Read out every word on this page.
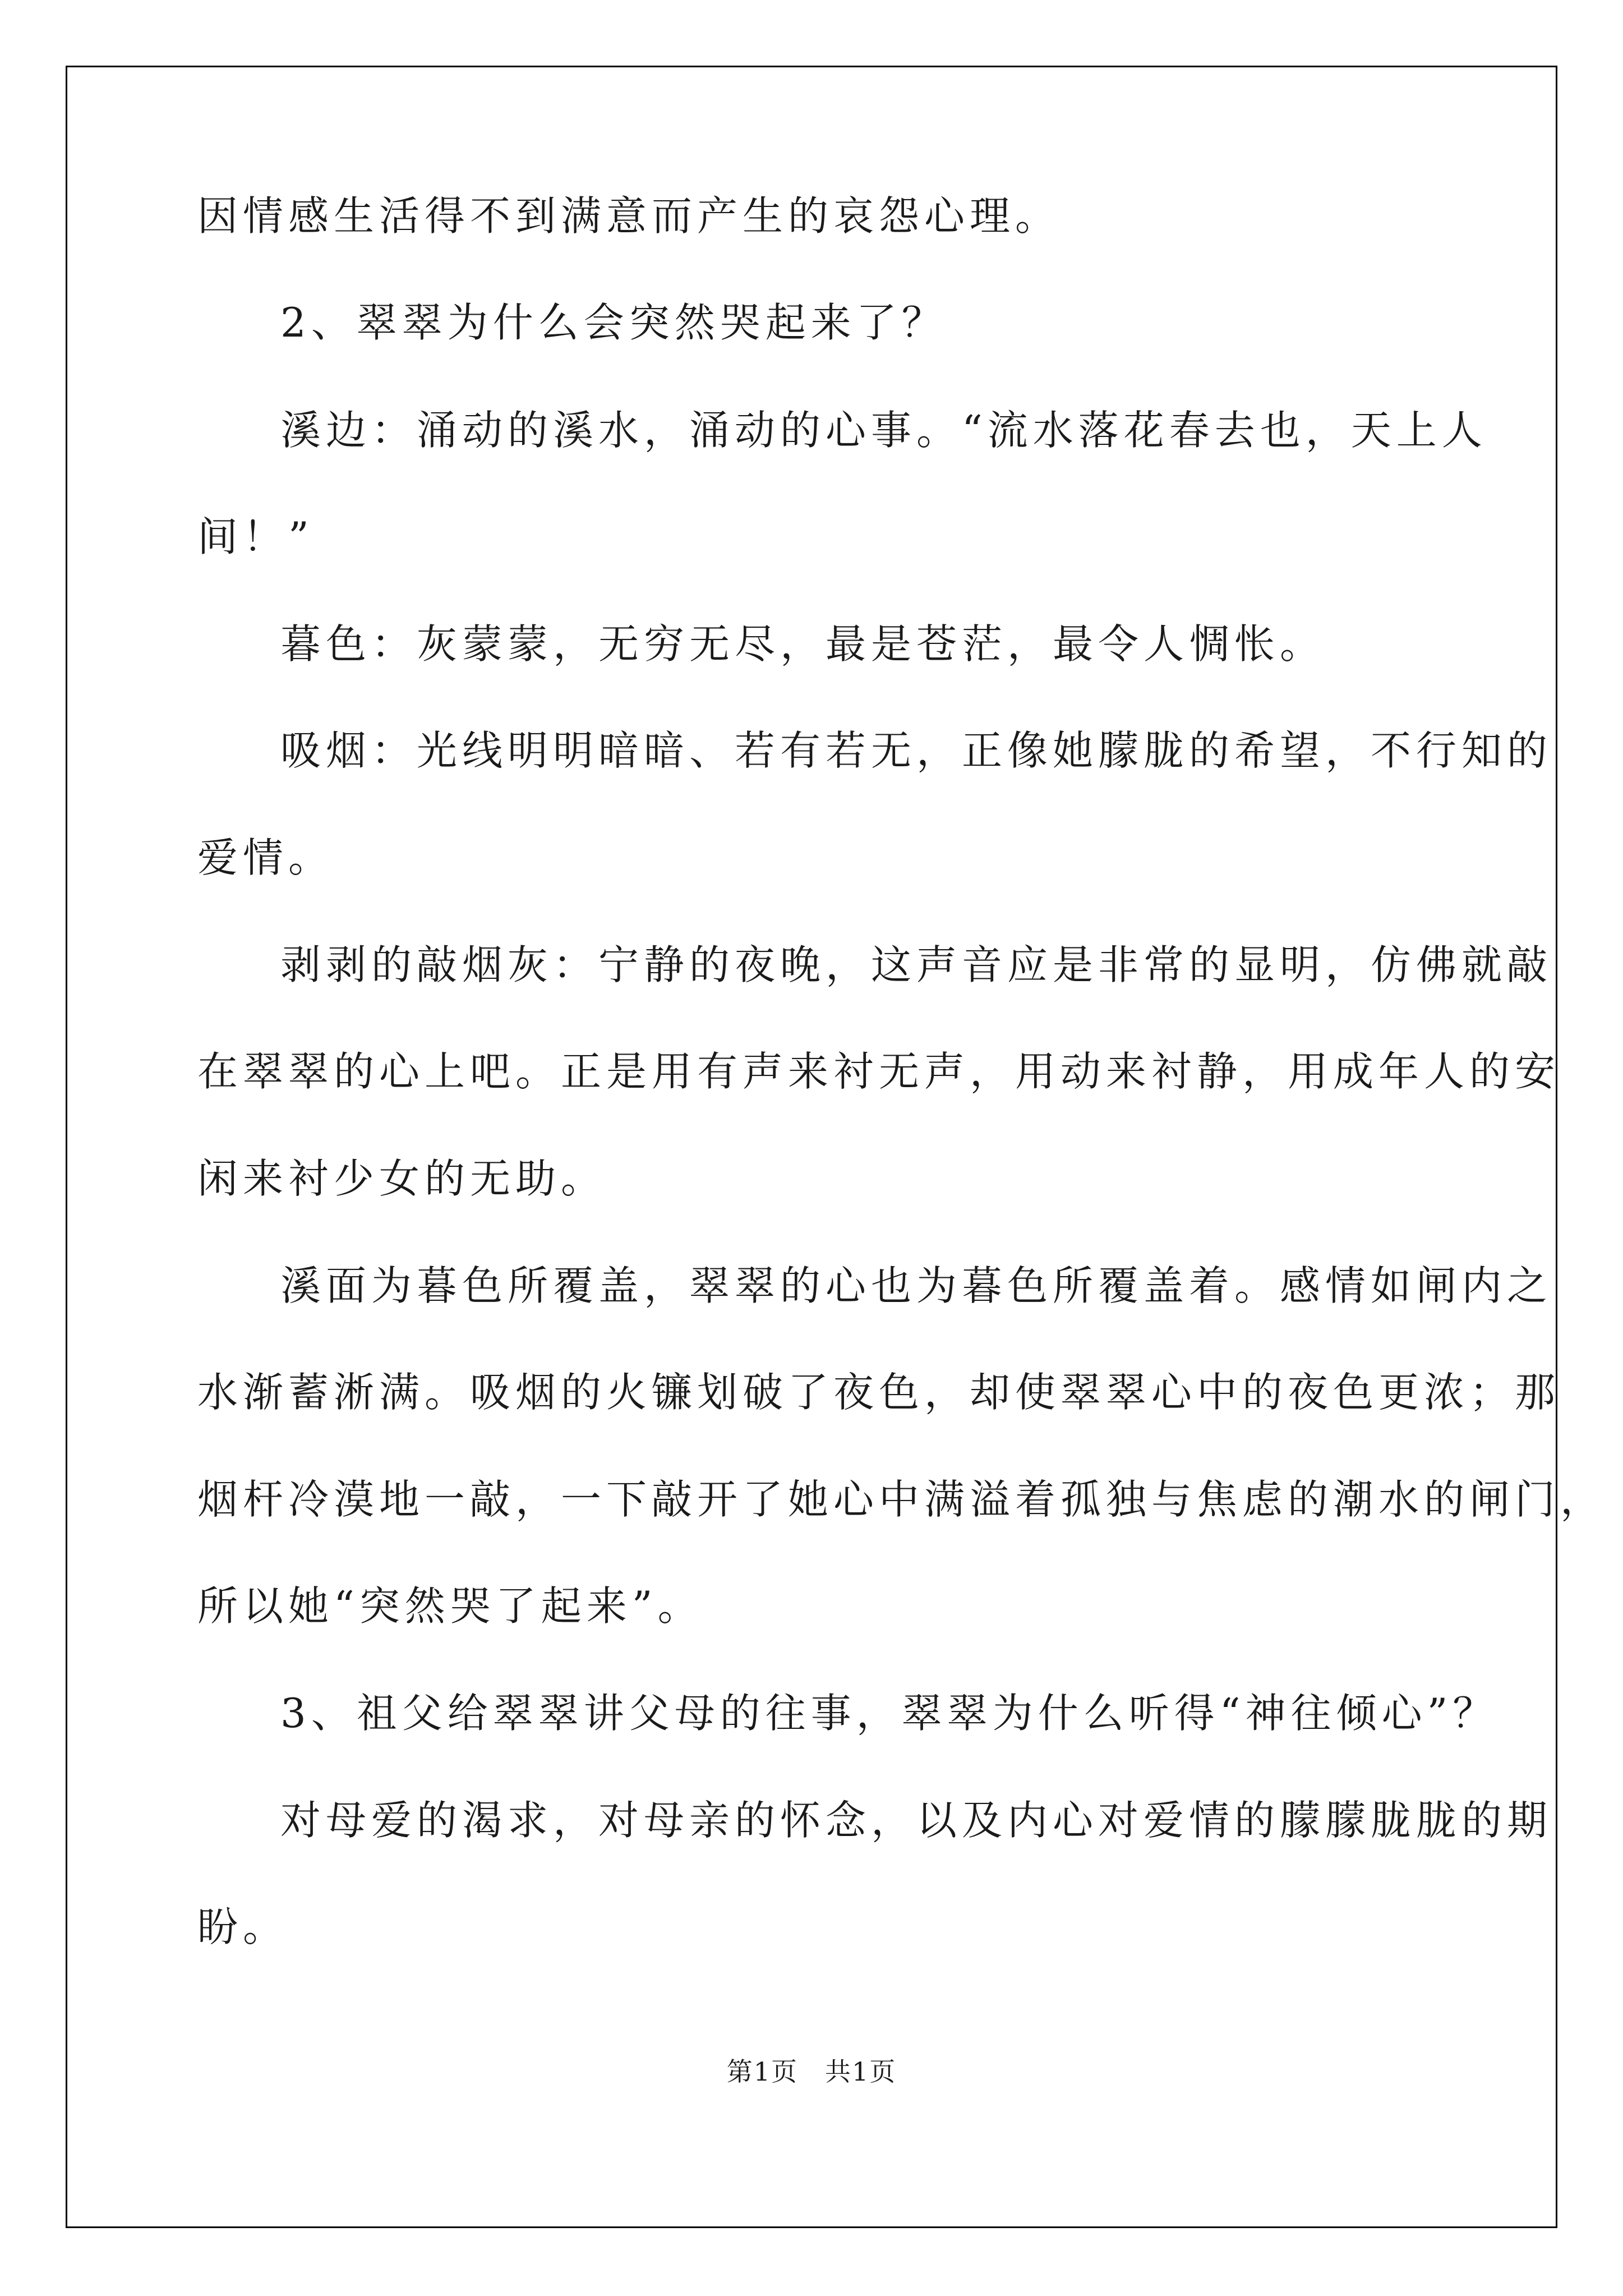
因情感生活得不到满意而产生的哀怨心理。
2、翠翠为什么会突然哭起来了？
溪边：涌动的溪水，涌动的心事。“流水落花春去也，天上人
间！”
暮色：灰蒙蒙，无穷无尽，最是苍茫，最令人惆怅。
吸烟：光线明明暗暗、若有若无，正像她朦胧的希望，不行知的
爱情。
剥剥的敲烟灰：宁静的夜晚，这声音应是非常的显明，仿佛就敲
在翠翠的心上吧。正是用有声来衬无声，用动来衬静，用成年人的安
闲来衬少女的无助。
溪面为暮色所覆盖，翠翠的心也为暮色所覆盖着。感情如闸内之
水渐蓄淅满。吸烟的火镰划破了夜色，却使翠翠心中的夜色更浓；那
烟杆冷漠地一敲，一下敲开了她心中满溢着孤独与焦虑的潮水的闸门，
所以她“突然哭了起来”。
3、祖父给翠翠讲父母的往事，翠翠为什么听得“神往倾心”？
对母爱的渴求，对母亲的怀念，以及内心对爱情的朦朦胧胧的期
盼。
第1页　共1页
